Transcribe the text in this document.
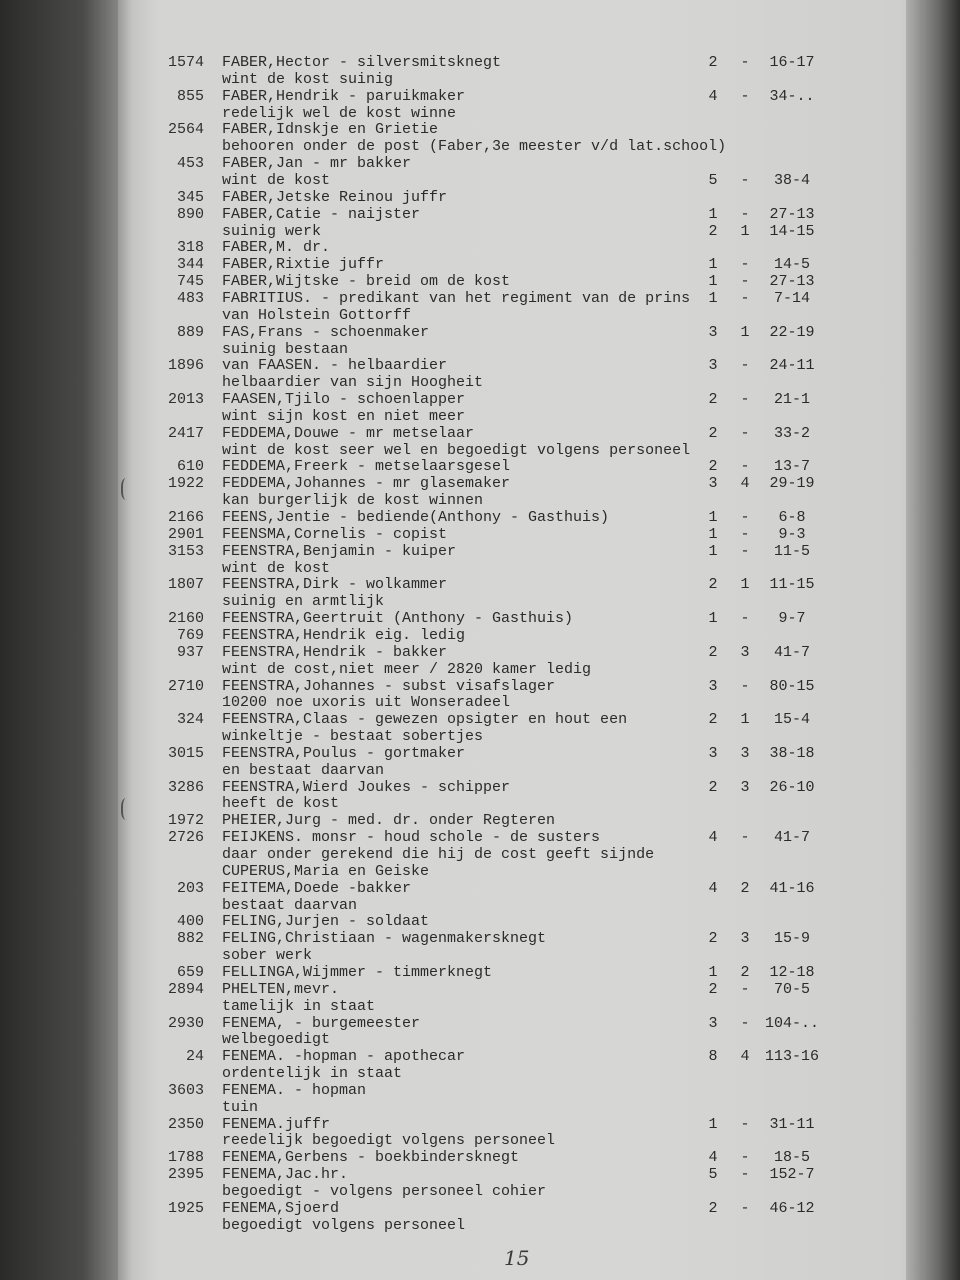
1574 FABER,Hector - silversmitsknegt	2	-	16-17
wint de kost suinig
855 FABER,Hendrik - paruikmaker	4	-	34-..
redelijk wel de kost winne
2564 FABER,Idnskje en Grietie
behooren onder de post (Faber,3e meester v/d lat.school)
453 FABER,Jan - mr bakker
wint de kost	5	-	38-4
345 FABER,Jetske Reinou juffr
890 FABER,Catie - naijster	1	-	27-13
suinig werk	2	1	14-15
318 FABER,M. dr.
344 FABER,Rixtie juffr	1	-	14-5
745 FABER,Wijtske - breid om de kost	1	-	27-13
483 FABRITIUS. - predikant van het regiment van de prins	1	-	7-14
van Holstein Gottorff
889 FAS,Frans - schoenmaker	3	1	22-19
suinig bestaan
1896 van FAASEN. - helbaardier	3	-	24-11
helbaardier van sijn Hoogheit
2013 FAASEN,Tjilo - schoenlapper	2	-	21-1
wint sijn kost en niet meer
2417 FEDDEMA,Douwe - mr metselaar	2	-	33-2
wint de kost seer wel en begoedigt volgens personeel
610 FEDDEMA,Freerk - metselaarsgesel	2	-	13-7
1922 FEDDEMA,Johannes - mr glasemaker	3	4	29-19
kan burgerlijk de kost winnen
2166 FEENS,Jentie - bediende(Anthony - Gasthuis)	1	-	6-8
2901 FEENSMA,Cornelis - copist	1	-	9-3
3153 FEENSTRA,Benjamin - kuiper	1	-	11-5
wint de kost
1807 FEENSTRA,Dirk - wolkammer	2	1	11-15
suinig en armtlijk
2160 FEENSTRA,Geertruit (Anthony - Gasthuis)	1	-	9-7
769 FEENSTRA,Hendrik eig. ledig
937 FEENSTRA,Hendrik - bakker	2	3	41-7
wint de cost,niet meer / 2820 kamer ledig
2710 FEENSTRA,Johannes - subst visafslager	3	-	80-15
10200 noe uxoris uit Wonseradeel
324 FEENSTRA,Claas - gewezen opsigter en hout een	2	1	15-4
winkeltje - bestaat sobertjes
3015 FEENSTRA,Poulus - gortmaker	3	3	38-18
en bestaat daarvan
3286 FEENSTRA,Wierd Joukes - schipper	2	3	26-10
heeft de kost
1972 PHEIER,Jurg - med. dr. onder Regteren
2726 FEIJKENS. monsr - houd schole - de susters	4	-	41-7
daar onder gerekend die hij de cost geeft sijnde
CUPERUS,Maria en Geiske
203 FEITEMA,Doede -bakker	4	2	41-16
bestaat daarvan
400 FELING,Jurjen - soldaat
882 FELING,Christiaan - wagenmakersknegt	2	3	15-9
sober werk
659 FELLINGA,Wijmmer - timmerknegt	1	2	12-18
2894 PHELTEN,mevr.	2	-	70-5
tamelijk in staat
2930 FENEMA, - burgemeester	3	-	104-..
welbegoedigt
24 FENEMA. -hopman - apothecar	8	4	113-16
ordentelijk in staat
3603 FENEMA. - hopman
tuin
2350 FENEMA.juffr	1	-	31-11
reedelijk begoedigt volgens personeel
1788 FENEMA,Gerbens - boekbindersknegt	4	-	18-5
2395 FENEMA,Jac.hr.	5	-	152-7
begoedigt - volgens personeel cohier
1925 FENEMA,Sjoerd	2	-	46-12
begoedigt volgens personeel
15
